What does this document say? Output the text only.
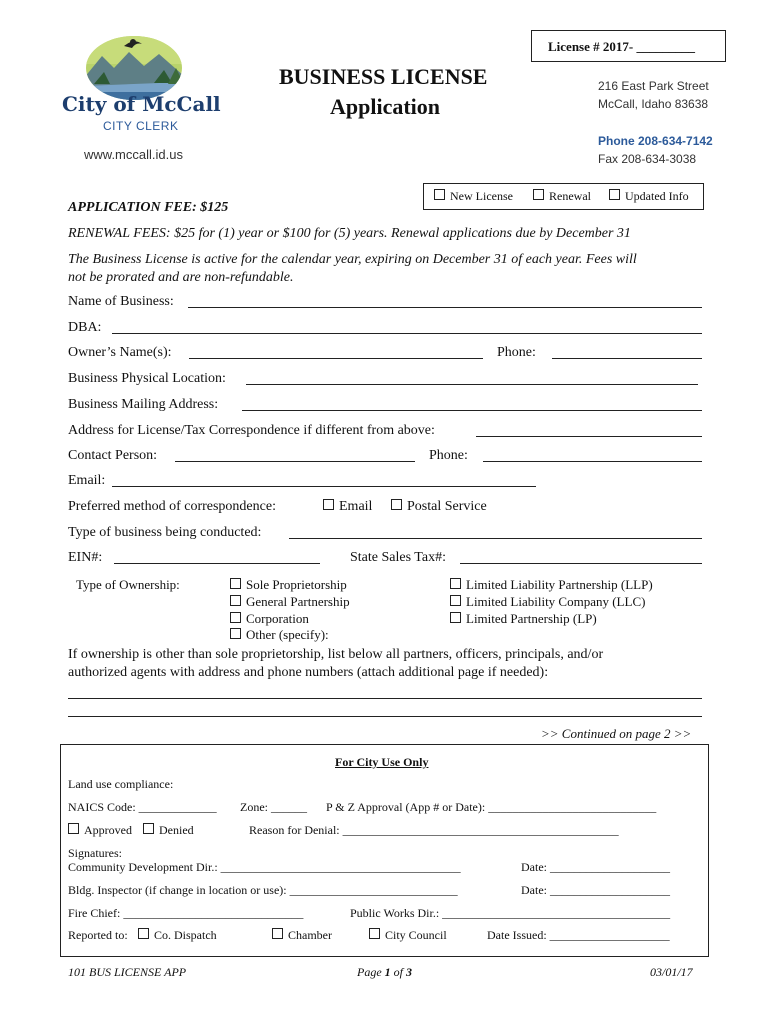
City of McCall
CITY CLERK
www.mccall.id.us
License # 2017- _________
BUSINESS LICENSE
Application
216 East Park Street
McCall, Idaho 83638
Phone 208-634-7142
Fax 208-634-3038
New License	Renewal	Updated Info
APPLICATION FEE: $125
RENEWAL FEES: $25 for (1) year or $100 for (5) years. Renewal applications due by December 31
The Business License is active for the calendar year, expiring on December 31 of each year. Fees will
not be prorated and are non-refundable.
Name of Business:
DBA:
Owner’s Name(s):	Phone:
Business Physical Location:
Business Mailing Address:
Address for License/Tax Correspondence if different from above:
Contact Person:	Phone:
Email:
Preferred method of correspondence:	Email	Postal Service
Type of business being conducted:
EIN#:	State Sales Tax#:
Type of Ownership:	Sole Proprietorship
General Partnership
Corporation
Other (specify):
Limited Liability Partnership (LLP)
Limited Liability Company (LLC)
Limited Partnership (LP)
If ownership is other than sole proprietorship, list below all partners, officers, principals, and/or
authorized agents with address and phone numbers (attach additional page if needed):
>> Continued on page 2 >>
For City Use Only
Land use compliance:
NAICS Code: _____________ Zone: ______ P & Z Approval (App # or Date): ____________________________
Approved	Denied	Reason for Denial: ______________________________________________
Signatures:
Community Development Dir.: ________________________________________	Date: ____________________
Bldg. Inspector (if change in location or use): ____________________________	Date: ____________________
Fire Chief: ______________________________	Public Works Dir.: ______________________________________
Reported to:	Co. Dispatch	Chamber	City Council	Date Issued: ____________________
101 BUS LICENSE APP	Page 1 of 3	03/01/17
